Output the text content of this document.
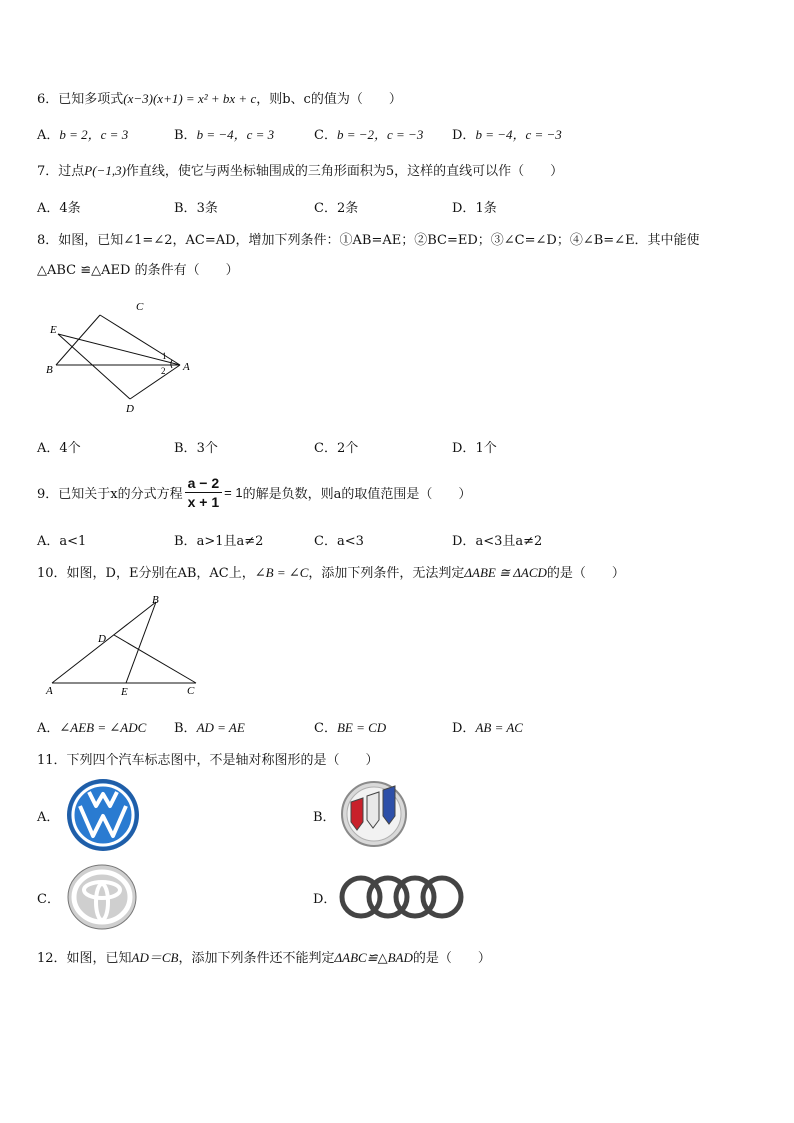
6．已知多项式(x−3)(x+1) = x² + bx + c，则b、c的值为（　　）
A．b = 2，c = 3	B．b = −4，c = 3	C．b = −2，c = −3 D．b = −4，c = −3
7．过点P(−1,3)作直线，使它与两坐标轴围成的三角形面积为5，这样的直线可以作（　　）
A．4条	B．3条	C．2条	D．1条
8．如图，已知∠1=∠2，AC=AD，增加下列条件：①AB=AE；②BC=ED；③∠C=∠D；④∠B=∠E．其中能使
△ABC ≌△AED 的条件有（　　）
C
E
B	A
D
1
2
A．4个	B．3个	C．2个	D．1个
9．已知关于x的分式方程 $\frac{a - 2}{x + 1} = 1$ 的解是负数，则a的取值范围是（　　）
A．a<1	B．a>1且a≠2	C．a<3	D．a<3且a≠2
10．如图，D，E分别在AB，AC上，∠B = ∠C，添加下列条件，无法判定ΔABE ≅ ΔACD的是（　　）
B
D
A	E	C
A．∠AEB = ∠ADC B．AD = AE	C．BE = CD	D．AB = AC
11．下列四个汽车标志图中，不是轴对称图形的是（　　）
A．	B．
C．	D．
12．如图，已知AD＝CB，添加下列条件还不能判定ΔABC≌△BAD的是（　　）
